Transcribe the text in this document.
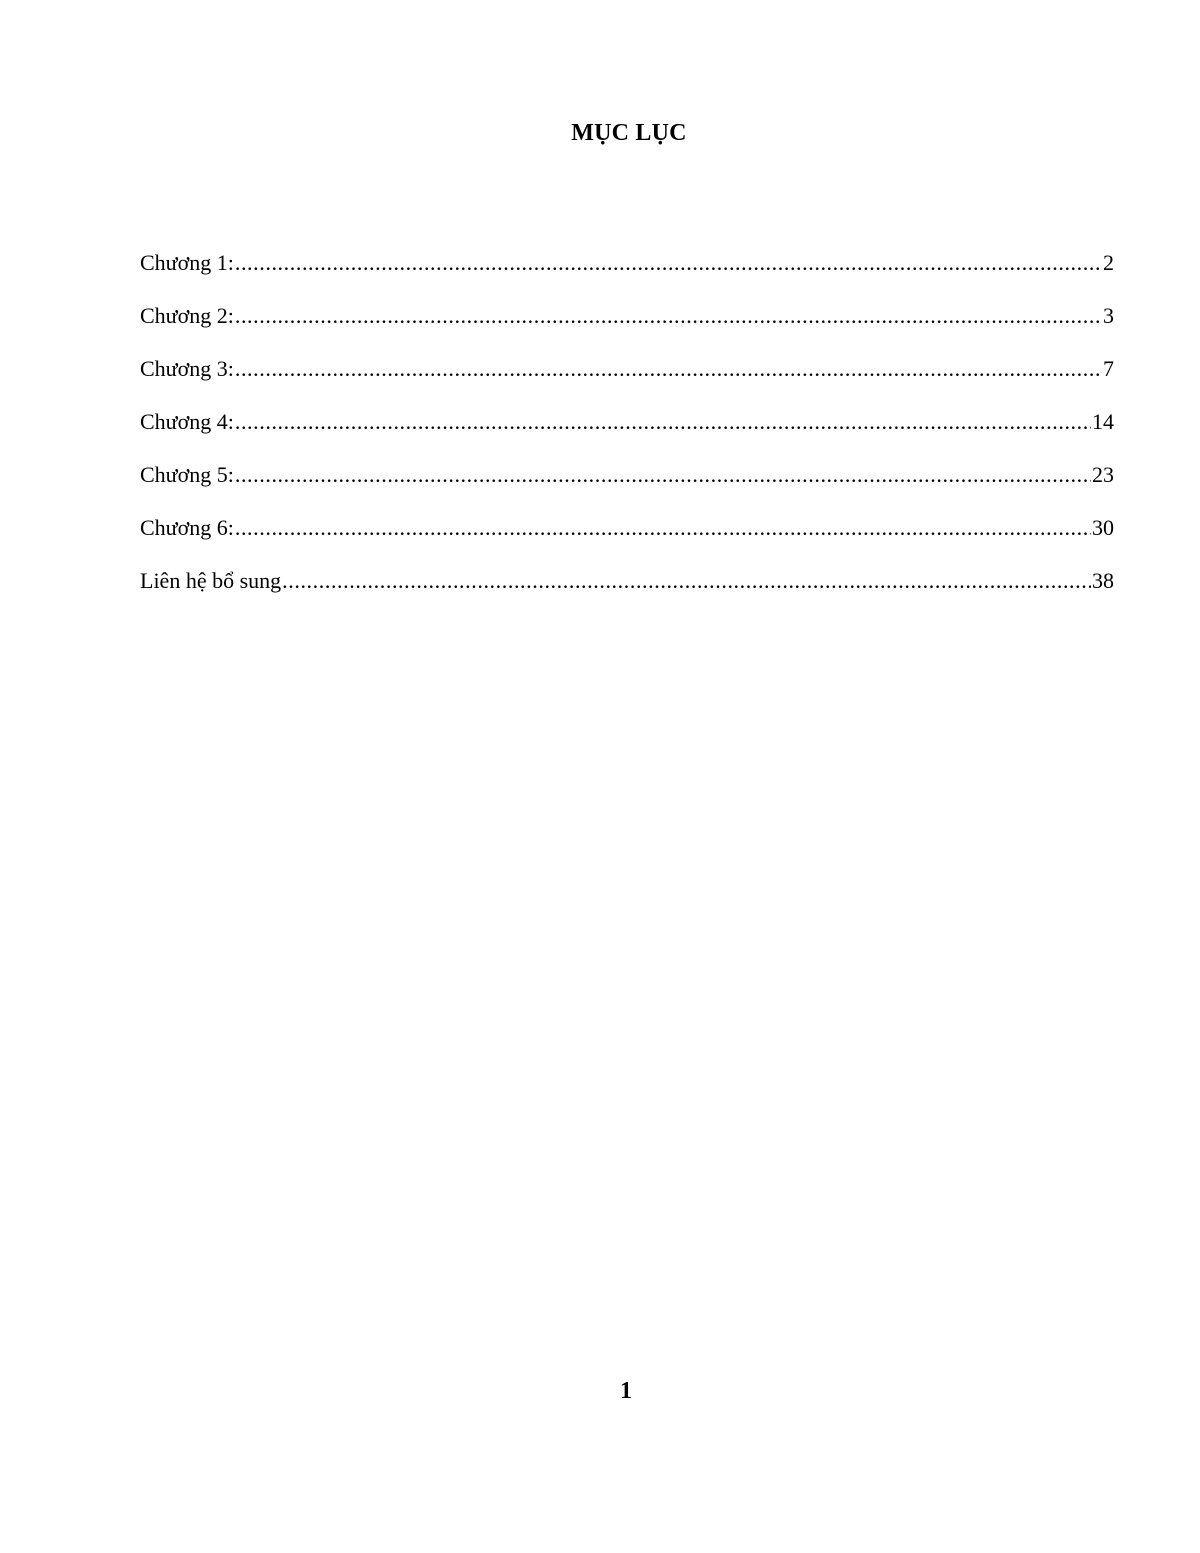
MỤC LỤC
Chương 1: .....	2
Chương 2: .....	3
Chương 3: .....	7
Chương 4: .....	14
Chương 5: .....	23
Chương 6: .....	30
Liên hệ bổ sung .....	38
1
